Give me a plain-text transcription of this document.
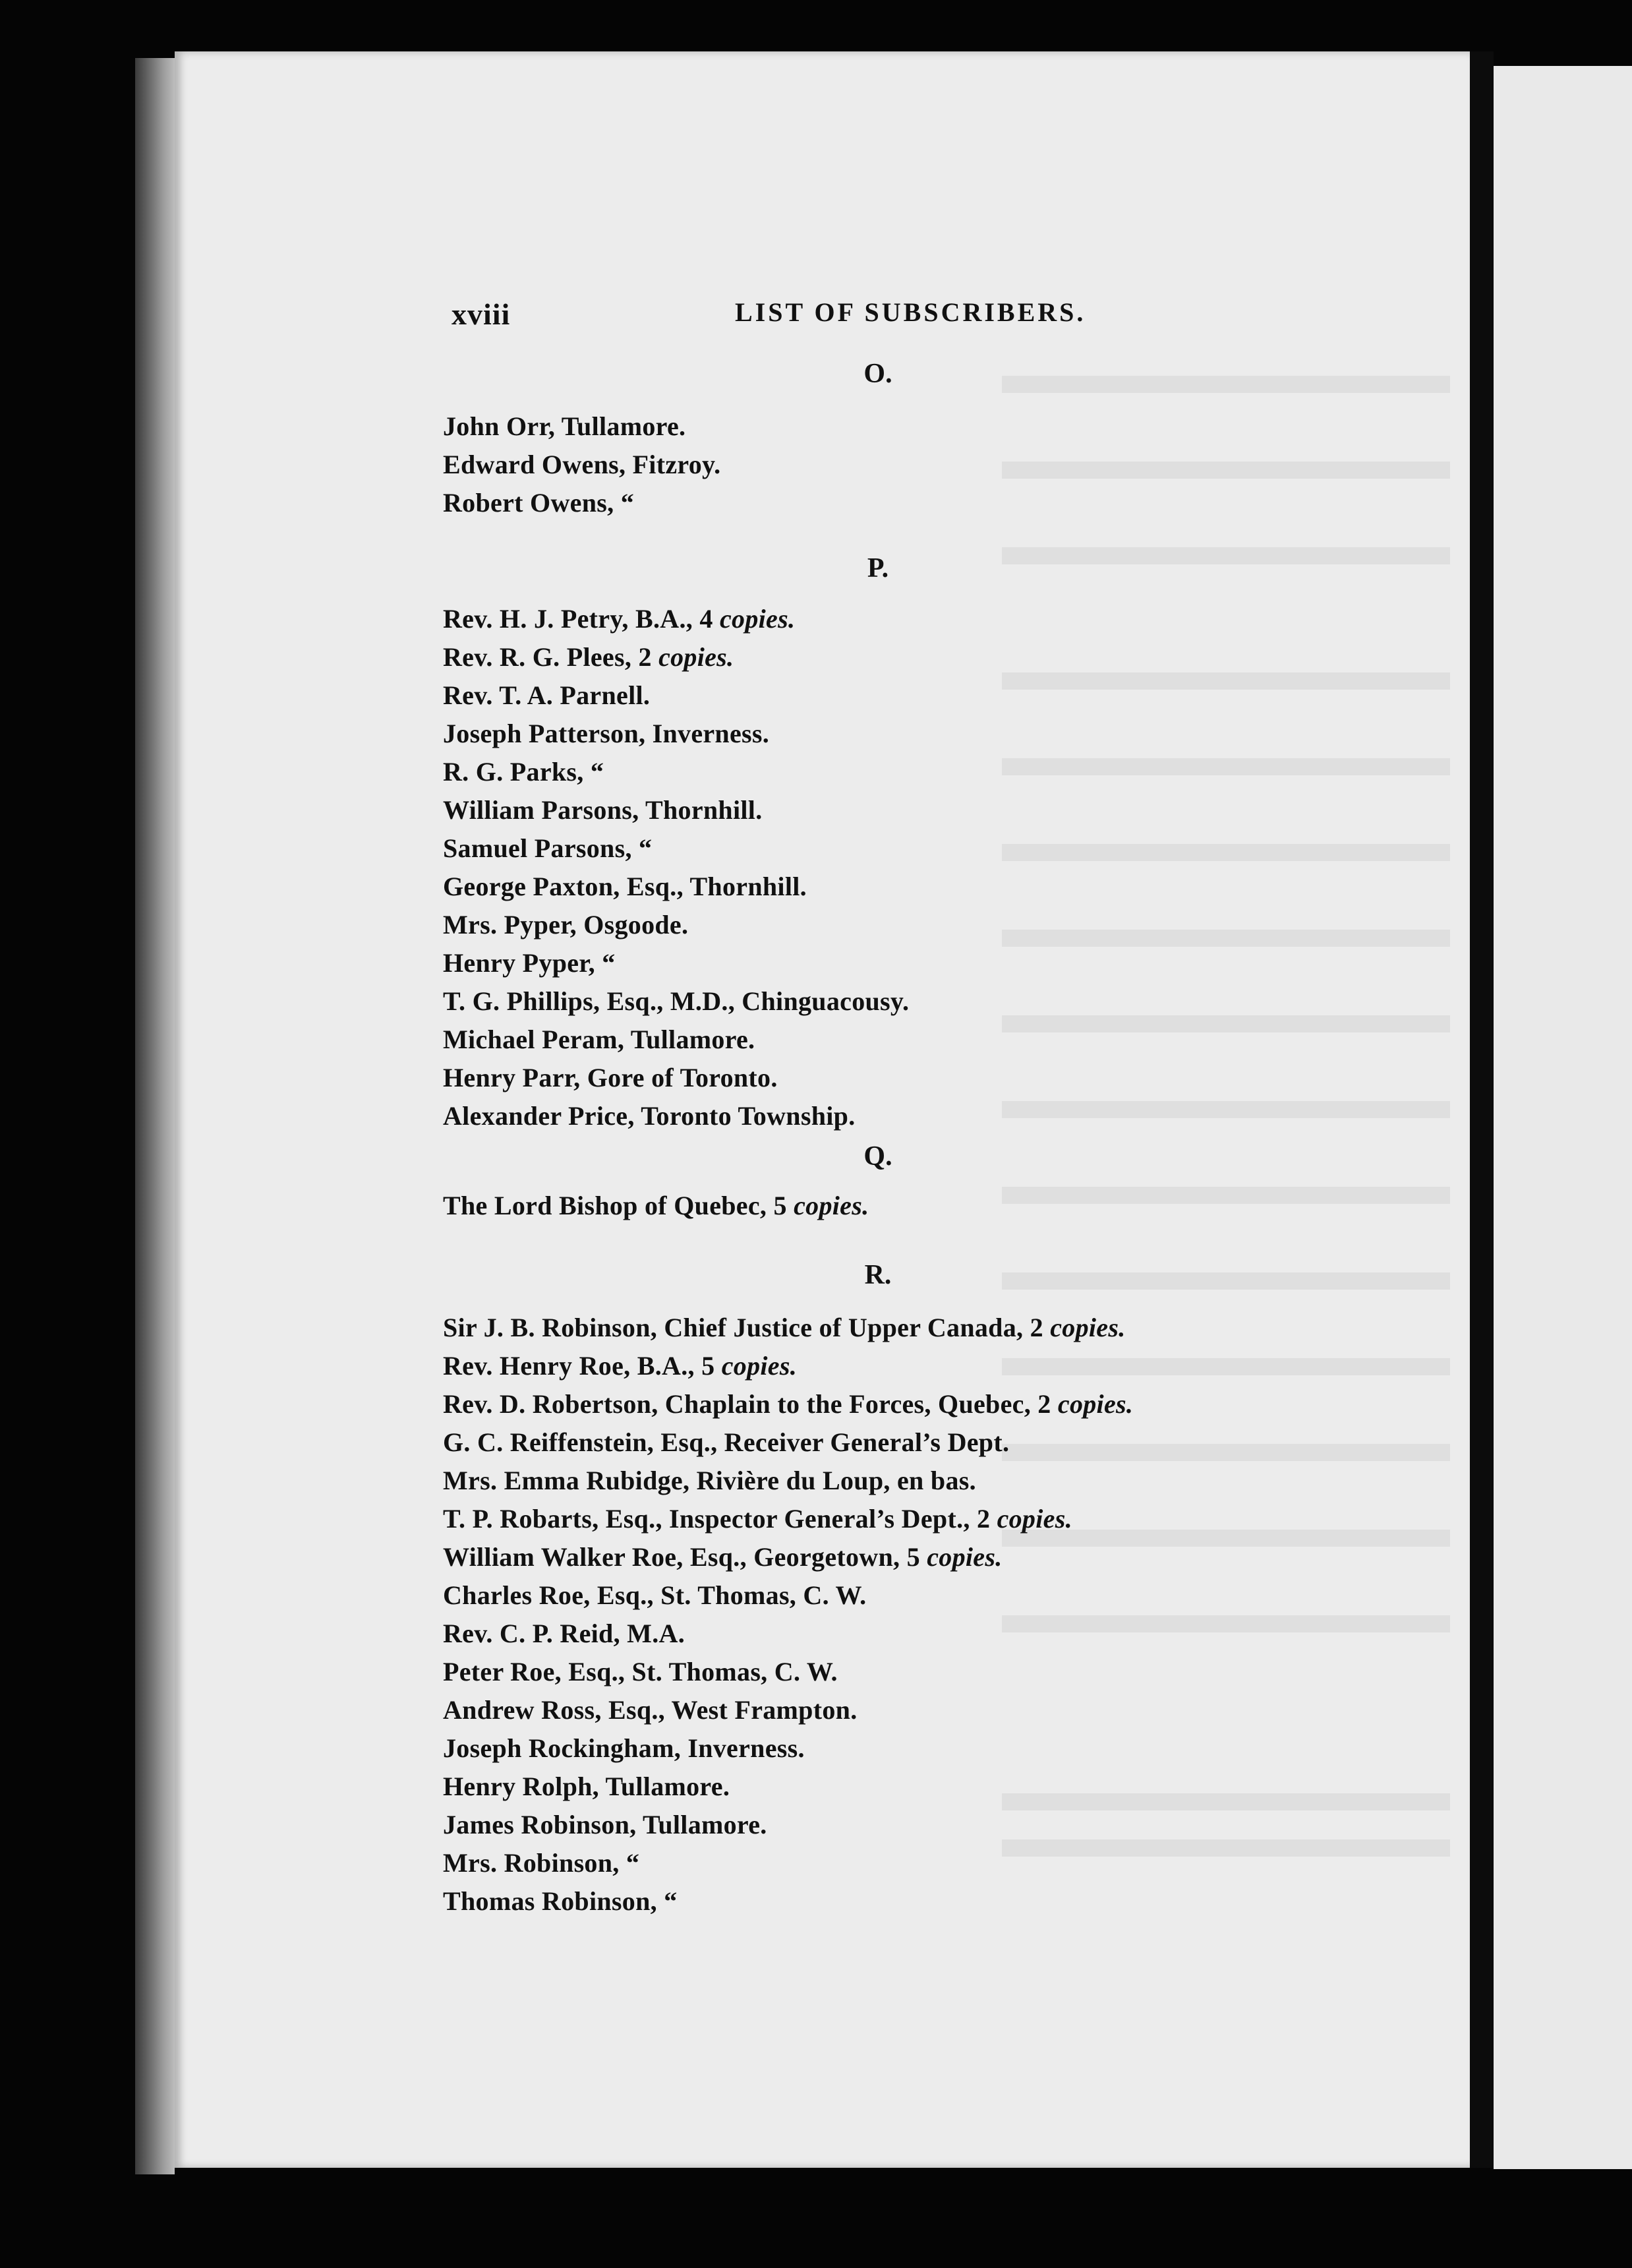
xviii	LIST OF SUBSCRIBERS.
O.
John Orr, Tullamore.
Edward Owens, Fitzroy.
Robert Owens, “
P.
Rev. H. J. Petry, B.A., 4 copies.
Rev. R. G. Plees, 2 copies.
Rev. T. A. Parnell.
Joseph Patterson, Inverness.
R. G. Parks, “
William Parsons, Thornhill.
Samuel Parsons, “
George Paxton, Esq., Thornhill.
Mrs. Pyper, Osgoode.
Henry Pyper, “
T. G. Phillips, Esq., M.D., Chinguacousy.
Michael Peram, Tullamore.
Henry Parr, Gore of Toronto.
Alexander Price, Toronto Township.
Q.
The Lord Bishop of Quebec, 5 copies.
R.
Sir J. B. Robinson, Chief Justice of Upper Canada, 2 copies.
Rev. Henry Roe, B.A., 5 copies.
Rev. D. Robertson, Chaplain to the Forces, Quebec, 2 copies.
G. C. Reiffenstein, Esq., Receiver General’s Dept.
Mrs. Emma Rubidge, Rivière du Loup, en bas.
T. P. Robarts, Esq., Inspector General’s Dept., 2 copies.
William Walker Roe, Esq., Georgetown, 5 copies.
Charles Roe, Esq., St. Thomas, C. W.
Rev. C. P. Reid, M.A.
Peter Roe, Esq., St. Thomas, C. W.
Andrew Ross, Esq., West Frampton.
Joseph Rockingham, Inverness.
Henry Rolph, Tullamore.
James Robinson, Tullamore.
Mrs. Robinson, “
Thomas Robinson, “
